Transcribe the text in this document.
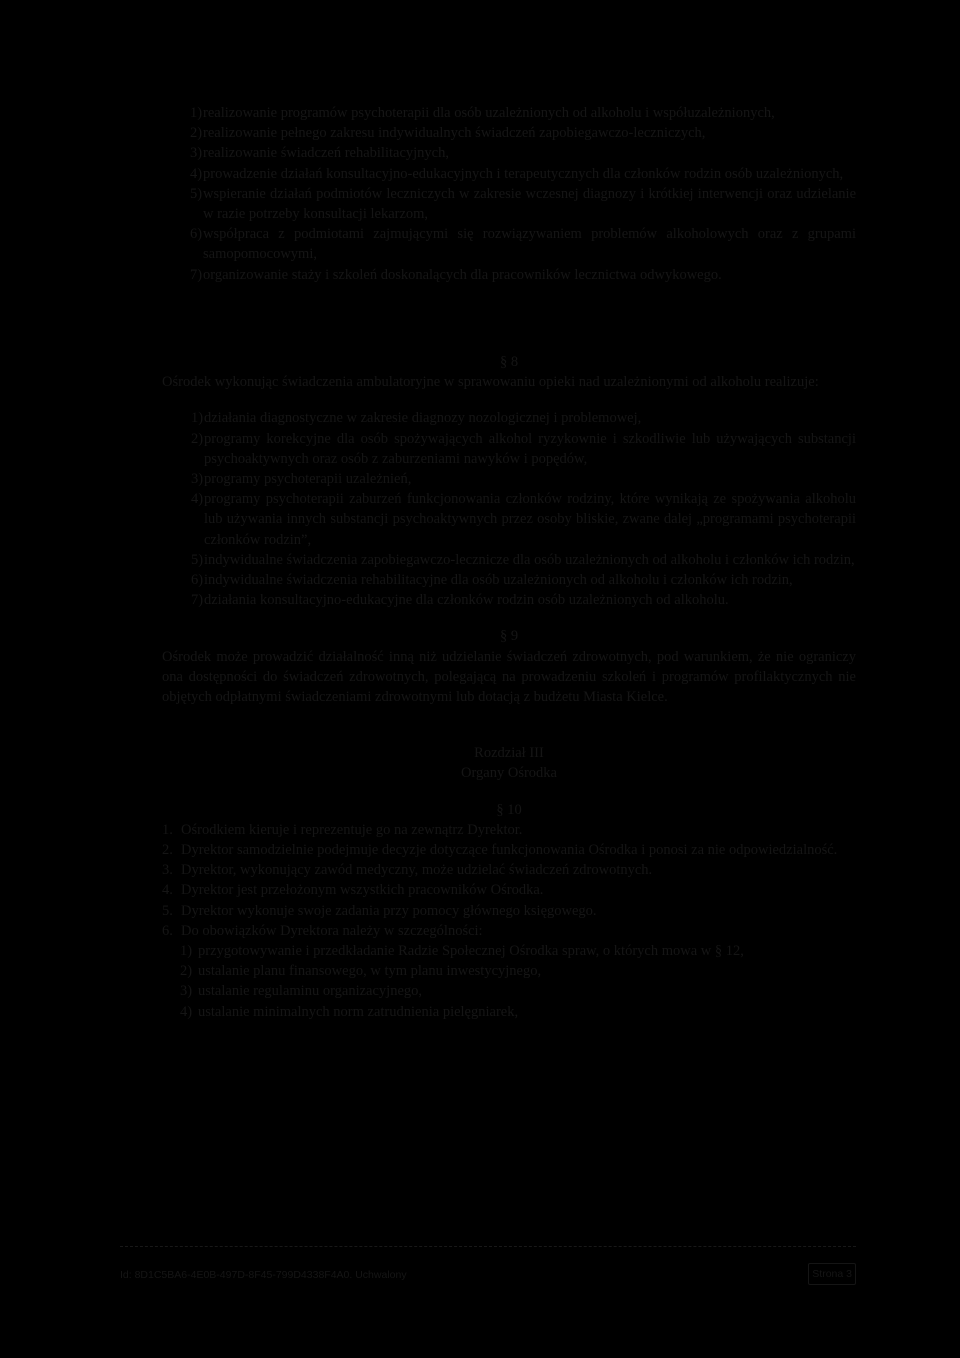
1) realizowanie programów psychoterapii dla osób uzależnionych od alkoholu i współuzależnionych,

2) realizowanie pełnego zakresu indywidualnych świadczeń zapobiegawczo-leczniczych,

3) realizowanie świadczeń rehabilitacyjnych,

4) prowadzenie działań konsultacyjno-edukacyjnych i terapeutycznych dla członków rodzin osób uzależnionych,

5) wspieranie działań podmiotów leczniczych w zakresie wczesnej diagnozy i krótkiej interwencji oraz udzielanie w razie potrzeby konsultacji lekarzom,

6) współpraca z podmiotami zajmującymi się rozwiązywaniem problemów alkoholowych oraz z grupami samopomocowymi,

7) organizowanie staży i szkoleń doskonalących dla pracowników lecznictwa odwykowego.

§ 8

Ośrodek wykonując świadczenia ambulatoryjne w sprawowaniu opieki nad uzależnionymi od alkoholu realizuje:

1) działania diagnostyczne w zakresie diagnozy nozologicznej i problemowej,

2) programy korekcyjne dla osób spożywających alkohol ryzykownie i szkodliwie lub używających substancji psychoaktywnych oraz osób z zaburzeniami nawyków i popędów,

3) programy psychoterapii uzależnień,

4) programy psychoterapii zaburzeń funkcjonowania członków rodziny, które wynikają ze spożywania alkoholu lub używania innych substancji psychoaktywnych przez osoby bliskie, zwane dalej „programami psychoterapii członków rodzin”,

5) indywidualne świadczenia zapobiegawczo-lecznicze dla osób uzależnionych od alkoholu i członków ich rodzin,

6) indywidualne świadczenia rehabilitacyjne dla osób uzależnionych od alkoholu i członków ich rodzin,

7) działania konsultacyjno-edukacyjne dla członków rodzin osób uzależnionych od alkoholu.

§ 9

Ośrodek może prowadzić działalność inną niż udzielanie świadczeń zdrowotnych, pod warunkiem, że nie ograniczy ona dostępności do świadczeń zdrowotnych, polegającą na prowadzeniu szkoleń i programów profilaktycznych nie objętych odpłatnymi świadczeniami zdrowotnymi lub dotacją z budżetu Miasta Kielce.

Rozdział III

Organy Ośrodka

§ 10

1. Ośrodkiem kieruje i reprezentuje go na zewnątrz Dyrektor.

2. Dyrektor samodzielnie podejmuje decyzje dotyczące funkcjonowania Ośrodka i ponosi za nie odpowiedzialność.

3. Dyrektor, wykonujący zawód medyczny, może udzielać świadczeń zdrowotnych.

4. Dyrektor jest przełożonym wszystkich pracowników Ośrodka.

5. Dyrektor wykonuje swoje zadania przy pomocy głównego księgowego.

6. Do obowiązków Dyrektora należy w szczególności:

1) przygotowywanie i przedkładanie Radzie Społecznej Ośrodka spraw, o których mowa w § 12,

2) ustalanie planu finansowego, w tym planu inwestycyjnego,

3) ustalanie regulaminu organizacyjnego,

4) ustalanie minimalnych norm zatrudnienia pielęgniarek,

Id: 8D1C5BA6-4E0B-497D-8F45-799D4338F4A0. Uchwalony	Strona 3
